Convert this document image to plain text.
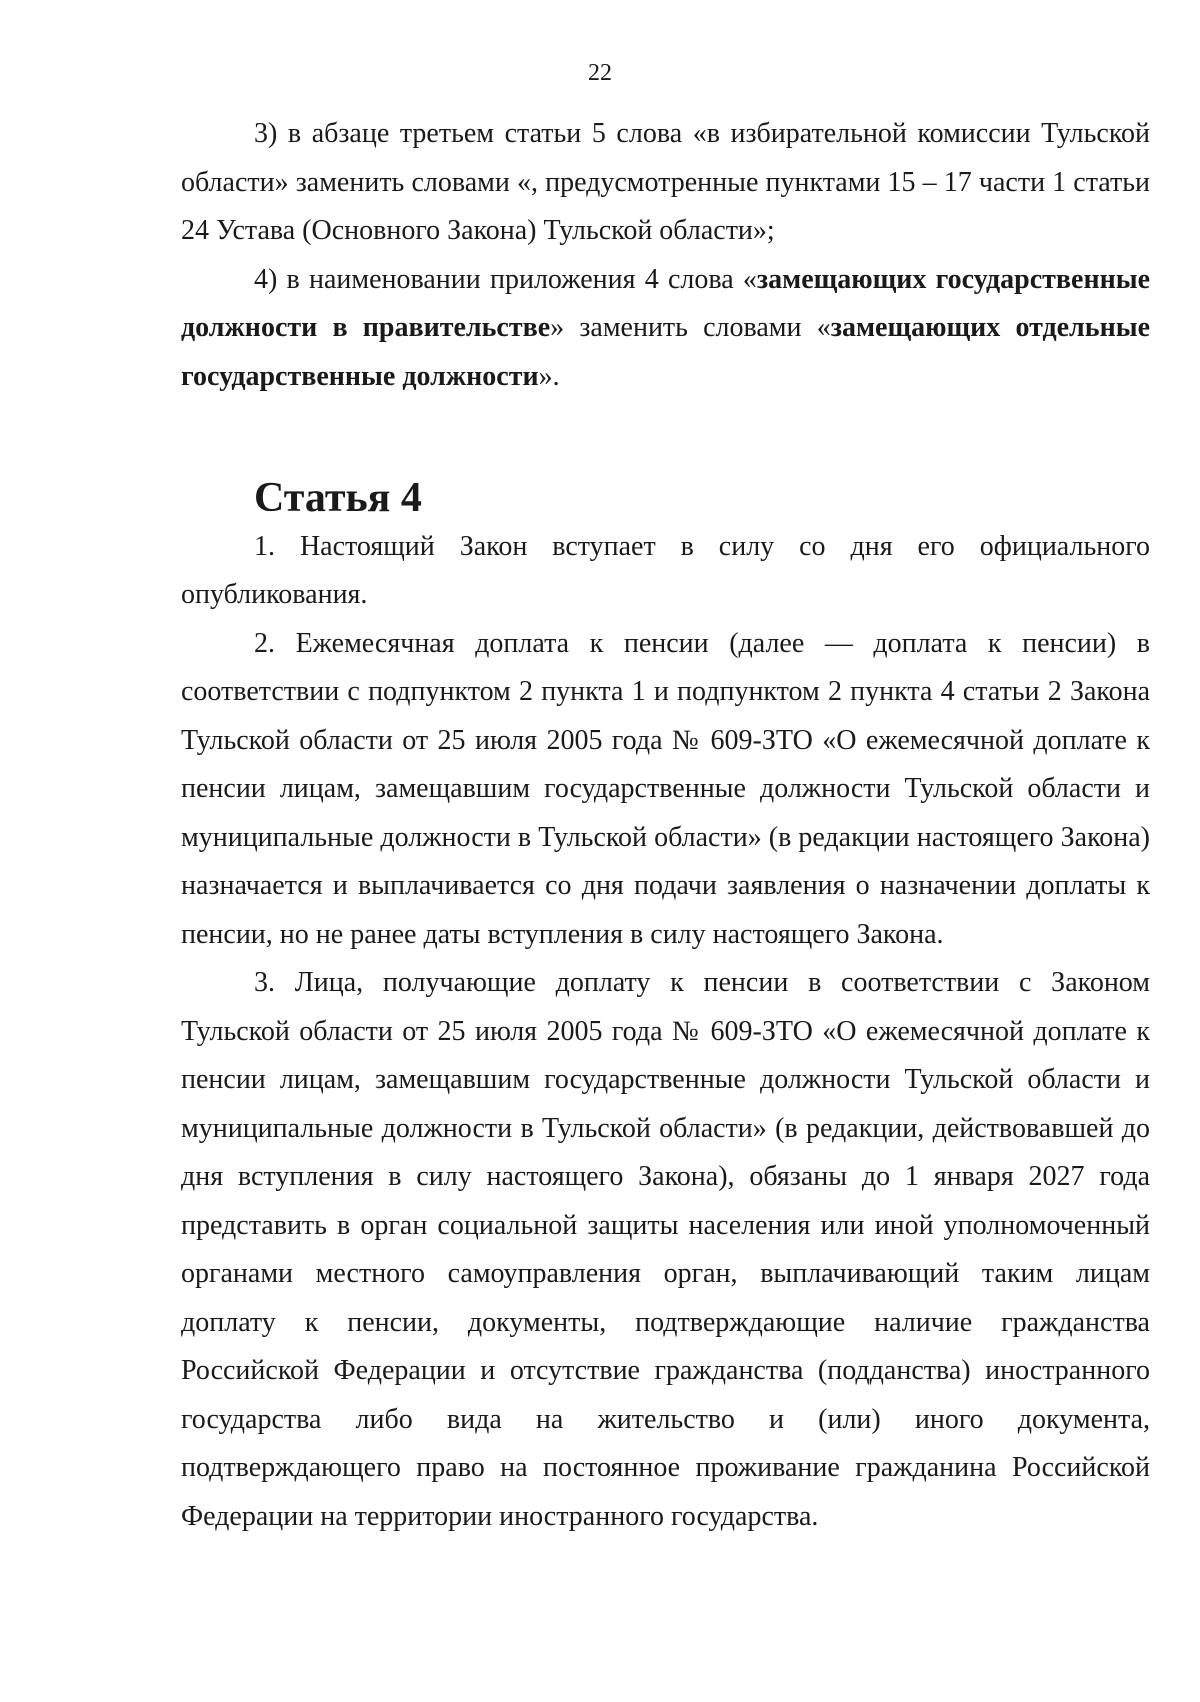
22

3) в абзаце третьем статьи 5 слова «в избирательной комиссии Тульской области» заменить словами «, предусмотренные пунктами 15 – 17 части 1 статьи 24 Устава (Основного Закона) Тульской области»;

4) в наименовании приложения 4 слова «замещающих государственные должности в правительстве» заменить словами «замещающих отдельные государственные должности».

Статья 4

1. Настоящий Закон вступает в силу со дня его официального опубликования.

2. Ежемесячная доплата к пенсии (далее — доплата к пенсии) в соответствии с подпунктом 2 пункта 1 и подпунктом 2 пункта 4 статьи 2 Закона Тульской области от 25 июля 2005 года № 609-ЗТО «О ежемесячной доплате к пенсии лицам, замещавшим государственные должности Тульской области и муниципальные должности в Тульской области» (в редакции настоящего Закона) назначается и выплачивается со дня подачи заявления о назначении доплаты к пенсии, но не ранее даты вступления в силу настоящего Закона.

3. Лица, получающие доплату к пенсии в соответствии с Законом Тульской области от 25 июля 2005 года № 609-ЗТО «О ежемесячной доплате к пенсии лицам, замещавшим государственные должности Тульской области и муниципальные должности в Тульской области» (в редакции, действовавшей до дня вступления в силу настоящего Закона), обязаны до 1 января 2027 года представить в орган социальной защиты населения или иной уполномоченный органами местного самоуправления орган, выплачивающий таким лицам доплату к пенсии, документы, подтверждающие наличие гражданства Российской Федерации и отсутствие гражданства (подданства) иностранного государства либо вида на жительство и (или) иного документа, подтверждающего право на постоянное проживание гражданина Российской Федерации на территории иностранного государства.
